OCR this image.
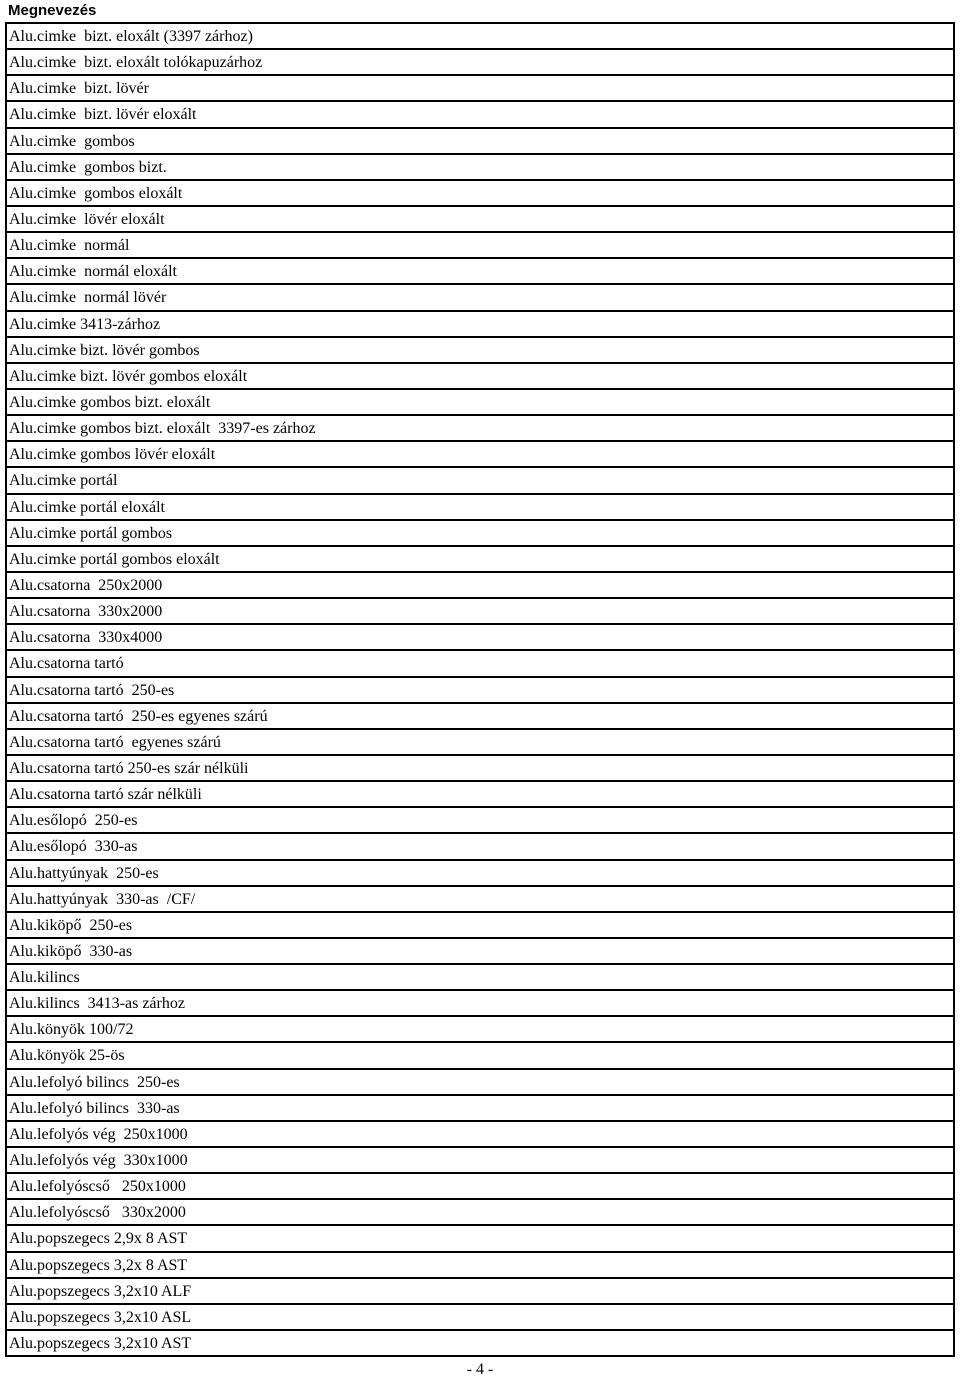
Megnevezés
Alu.cimke  bizt. eloxált (3397 zárhoz)
Alu.cimke  bizt. eloxált tolókapuzárhoz
Alu.cimke  bizt. lövér
Alu.cimke  bizt. lövér eloxált
Alu.cimke  gombos
Alu.cimke  gombos bizt.
Alu.cimke  gombos eloxált
Alu.cimke  lövér eloxált
Alu.cimke  normál
Alu.cimke  normál eloxált
Alu.cimke  normál lövér
Alu.cimke 3413-zárhoz
Alu.cimke bizt. lövér gombos
Alu.cimke bizt. lövér gombos eloxált
Alu.cimke gombos bizt. eloxált
Alu.cimke gombos bizt. eloxált  3397-es zárhoz
Alu.cimke gombos lövér eloxált
Alu.cimke portál
Alu.cimke portál eloxált
Alu.cimke portál gombos
Alu.cimke portál gombos eloxált
Alu.csatorna  250x2000
Alu.csatorna  330x2000
Alu.csatorna  330x4000
Alu.csatorna tartó
Alu.csatorna tartó  250-es
Alu.csatorna tartó  250-es egyenes szárú
Alu.csatorna tartó  egyenes szárú
Alu.csatorna tartó 250-es szár nélküli
Alu.csatorna tartó szár nélküli
Alu.esőlopó  250-es
Alu.esőlopó  330-as
Alu.hattyúnyak  250-es
Alu.hattyúnyak  330-as  /CF/
Alu.kiköpő  250-es
Alu.kiköpő  330-as
Alu.kilincs
Alu.kilincs  3413-as zárhoz
Alu.könyök 100/72
Alu.könyök 25-ös
Alu.lefolyó bilincs  250-es
Alu.lefolyó bilincs  330-as
Alu.lefolyós vég  250x1000
Alu.lefolyós vég  330x1000
Alu.lefolyóscső   250x1000
Alu.lefolyóscső   330x2000
Alu.popszegecs 2,9x 8 AST
Alu.popszegecs 3,2x 8 AST
Alu.popszegecs 3,2x10 ALF
Alu.popszegecs 3,2x10 ASL
Alu.popszegecs 3,2x10 AST
- 4 -
